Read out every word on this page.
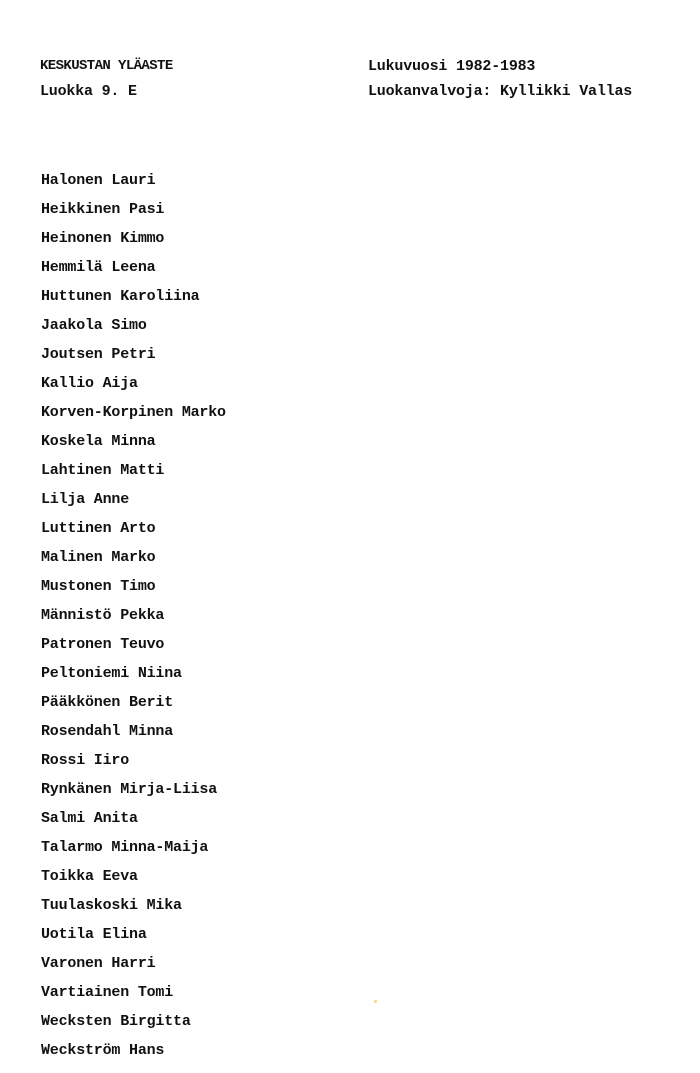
KESKUSTAN YLÄASTE
Luokka 9. E
Lukuvuosi 1982-1983
Luokanvalvoja: Kyllikki Vallas
Halonen Lauri
Heikkinen Pasi
Heinonen Kimmo
Hemmilä Leena
Huttunen Karoliina
Jaakola Simo
Joutsen Petri
Kallio Aija
Korven-Korpinen Marko
Koskela Minna
Lahtinen Matti
Lilja Anne
Luttinen Arto
Malinen Marko
Mustonen Timo
Männistö Pekka
Patronen Teuvo
Peltoniemi Niina
Pääkkönen Berit
Rosendahl Minna
Rossi Iiro
Rynkänen Mirja-Liisa
Salmi Anita
Talarmo Minna-Maija
Toikka Eeva
Tuulaskoski Mika
Uotila Elina
Varonen Harri
Vartiainen Tomi
Wecksten Birgitta
Weckström Hans
